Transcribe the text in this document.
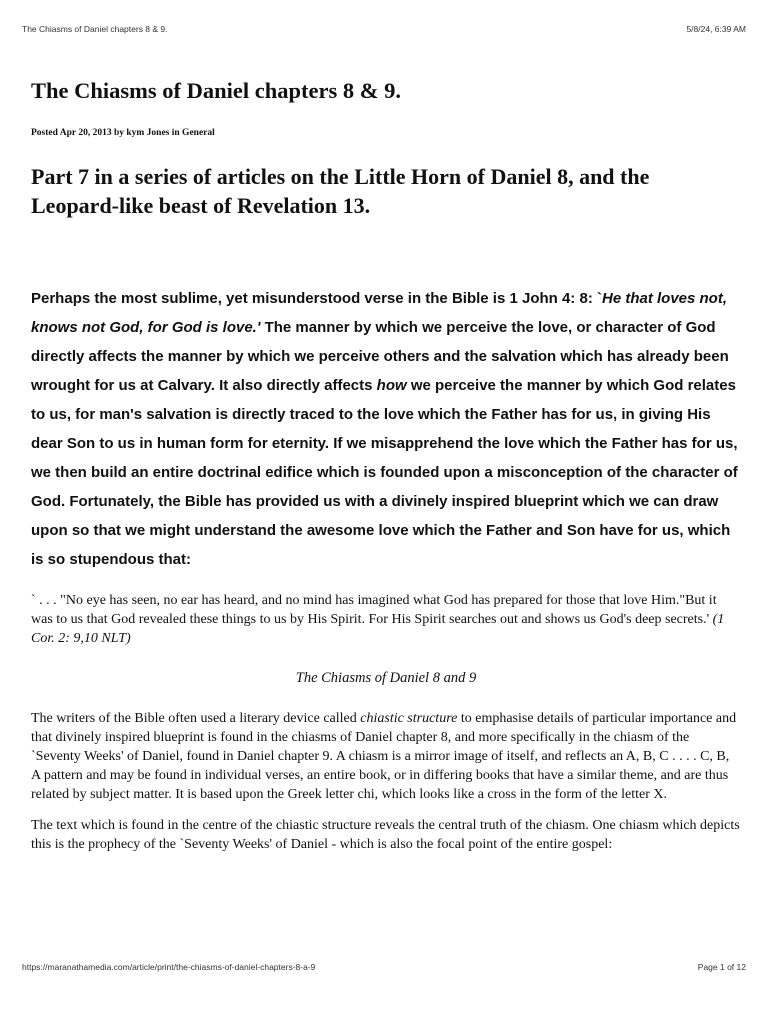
The Chiasms of Daniel chapters 8 & 9.	5/8/24, 6:39 AM
The Chiasms of Daniel chapters 8 & 9.
Posted Apr 20, 2013 by kym Jones in General
Part 7 in a series of articles on the Little Horn of Daniel 8, and the Leopard-like beast of Revelation 13.

Perhaps the most sublime, yet misunderstood verse in the Bible is 1 John 4: 8: `He that loves not, knows not God, for God is love.' The manner by which we perceive the love, or character of God directly affects the manner by which we perceive others and the salvation which has already been wrought for us at Calvary. It also directly affects how we perceive the manner by which God relates to us, for man's salvation is directly traced to the love which the Father has for us, in giving His dear Son to us in human form for eternity. If we misapprehend the love which the Father has for us, we then build an entire doctrinal edifice which is founded upon a misconception of the character of God. Fortunately, the Bible has provided us with a divinely inspired blueprint which we can draw upon so that we might understand the awesome love which the Father and Son have for us, which is so stupendous that:

` . . . "No eye has seen, no ear has heard, and no mind has imagined what God has prepared for those that love Him."But it was to us that God revealed these things to us by His Spirit. For His Spirit searches out and shows us God's deep secrets.' (1 Cor. 2: 9,10 NLT)

The Chiasms of Daniel 8 and 9

The writers of the Bible often used a literary device called chiastic structure to emphasise details of particular importance and that divinely inspired blueprint is found in the chiasms of Daniel chapter 8, and more specifically in the chiasm of the `Seventy Weeks' of Daniel, found in Daniel chapter 9. A chiasm is a mirror image of itself, and reflects an A, B, C . . . . C, B, A pattern and may be found in individual verses, an entire book, or in differing books that have a similar theme, and are thus related by subject matter. It is based upon the Greek letter chi, which looks like a cross in the form of the letter X.

The text which is found in the centre of the chiastic structure reveals the central truth of the chiasm. One chiasm which depicts this is the prophecy of the `Seventy Weeks' of Daniel - which is also the focal point of the entire gospel:

https://maranathamedia.com/article/print/the-chiasms-of-daniel-chapters-8-a-9	Page 1 of 12
